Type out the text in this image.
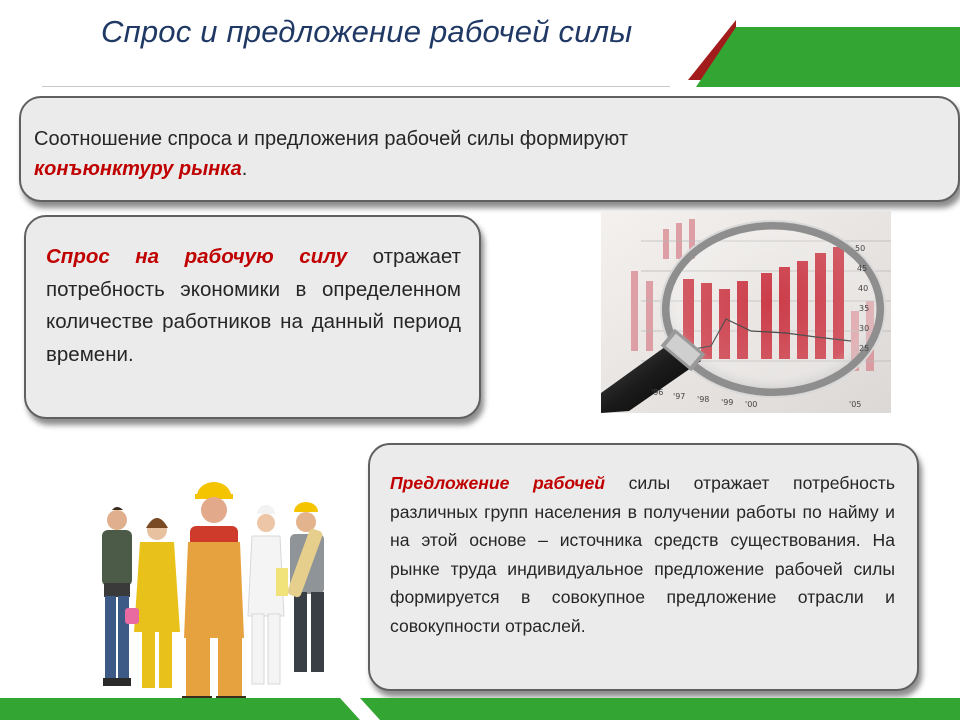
Спрос и предложение рабочей силы
Соотношение спроса и предложения рабочей силы формируют
конъюнктуру рынка.
Спрос на рабочую силу отражает потребность экономики в определенном количестве работников на данный период времени.
'96 '97 '98 '99 '00	'05
50
45
40
35
30
25
Предложение рабочей силы отражает потребность различных групп населения в получении работы по найму и на этой основе – источника средств существования. На рынке труда индивидуальное предложение рабочей силы формируется в совокупное предложение отрасли и совокупности отраслей.
